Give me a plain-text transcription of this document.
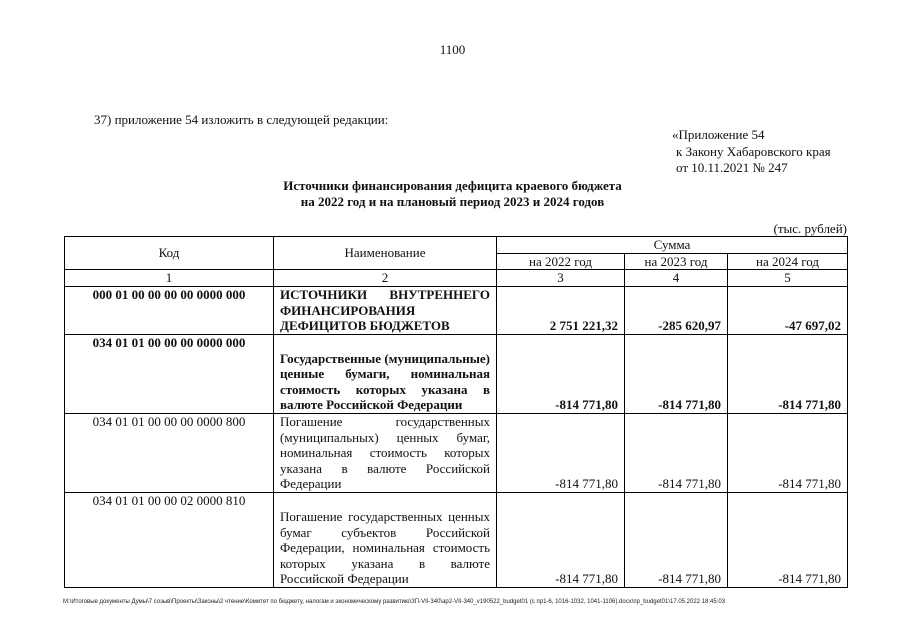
1100
37) приложение 54 изложить в следующей редакции:
«Приложение 54
к Закону Хабаровского края
от 10.11.2021 № 247
Источники финансирования дефицита краевого бюджета
на 2022 год и на плановый период 2023 и 2024 годов
(тыс. рублей)
Код	Наименование	Сумма		
		на 2022 год	на 2023 год	на 2024 год
1	2	3	4	5
000 01 00 00 00 00 0000 000	ИСТОЧНИКИ ВНУТРЕННЕГО ФИНАНСИРОВАНИЯ ДЕФИЦИТОВ БЮДЖЕТОВ	2 751 221,32	-285 620,97	-47 697,02
034 01 01 00 00 00 0000 000	Государственные (муниципальные) ценные бумаги, номинальная стоимость которых указана в валюте Российской Федерации	-814 771,80	-814 771,80	-814 771,80
034 01 01 00 00 00 0000 800	Погашение государственных (муниципальных) ценных бумаг, номинальная стоимость которых указана в валюте Российской Федерации	-814 771,80	-814 771,80	-814 771,80
034 01 01 00 00 02 0000 810	Погашение государственных ценных бумаг субъектов Российской Федерации, номинальная стоимость которых указана в валюте Российской Федерации	-814 771,80	-814 771,80	-814 771,80
M:\Итоговые документы Думы\7 созыв\Проекты\Законы\2 чтение\Комитет по бюджету, налогам и экономическому развитию\ЗП-VII-340\ap2-VII-340_v190522_budget01 (с пр1-6, 1016-1032, 1041-1106).docx\пр_budget01\17.05.2022 18:45:03
